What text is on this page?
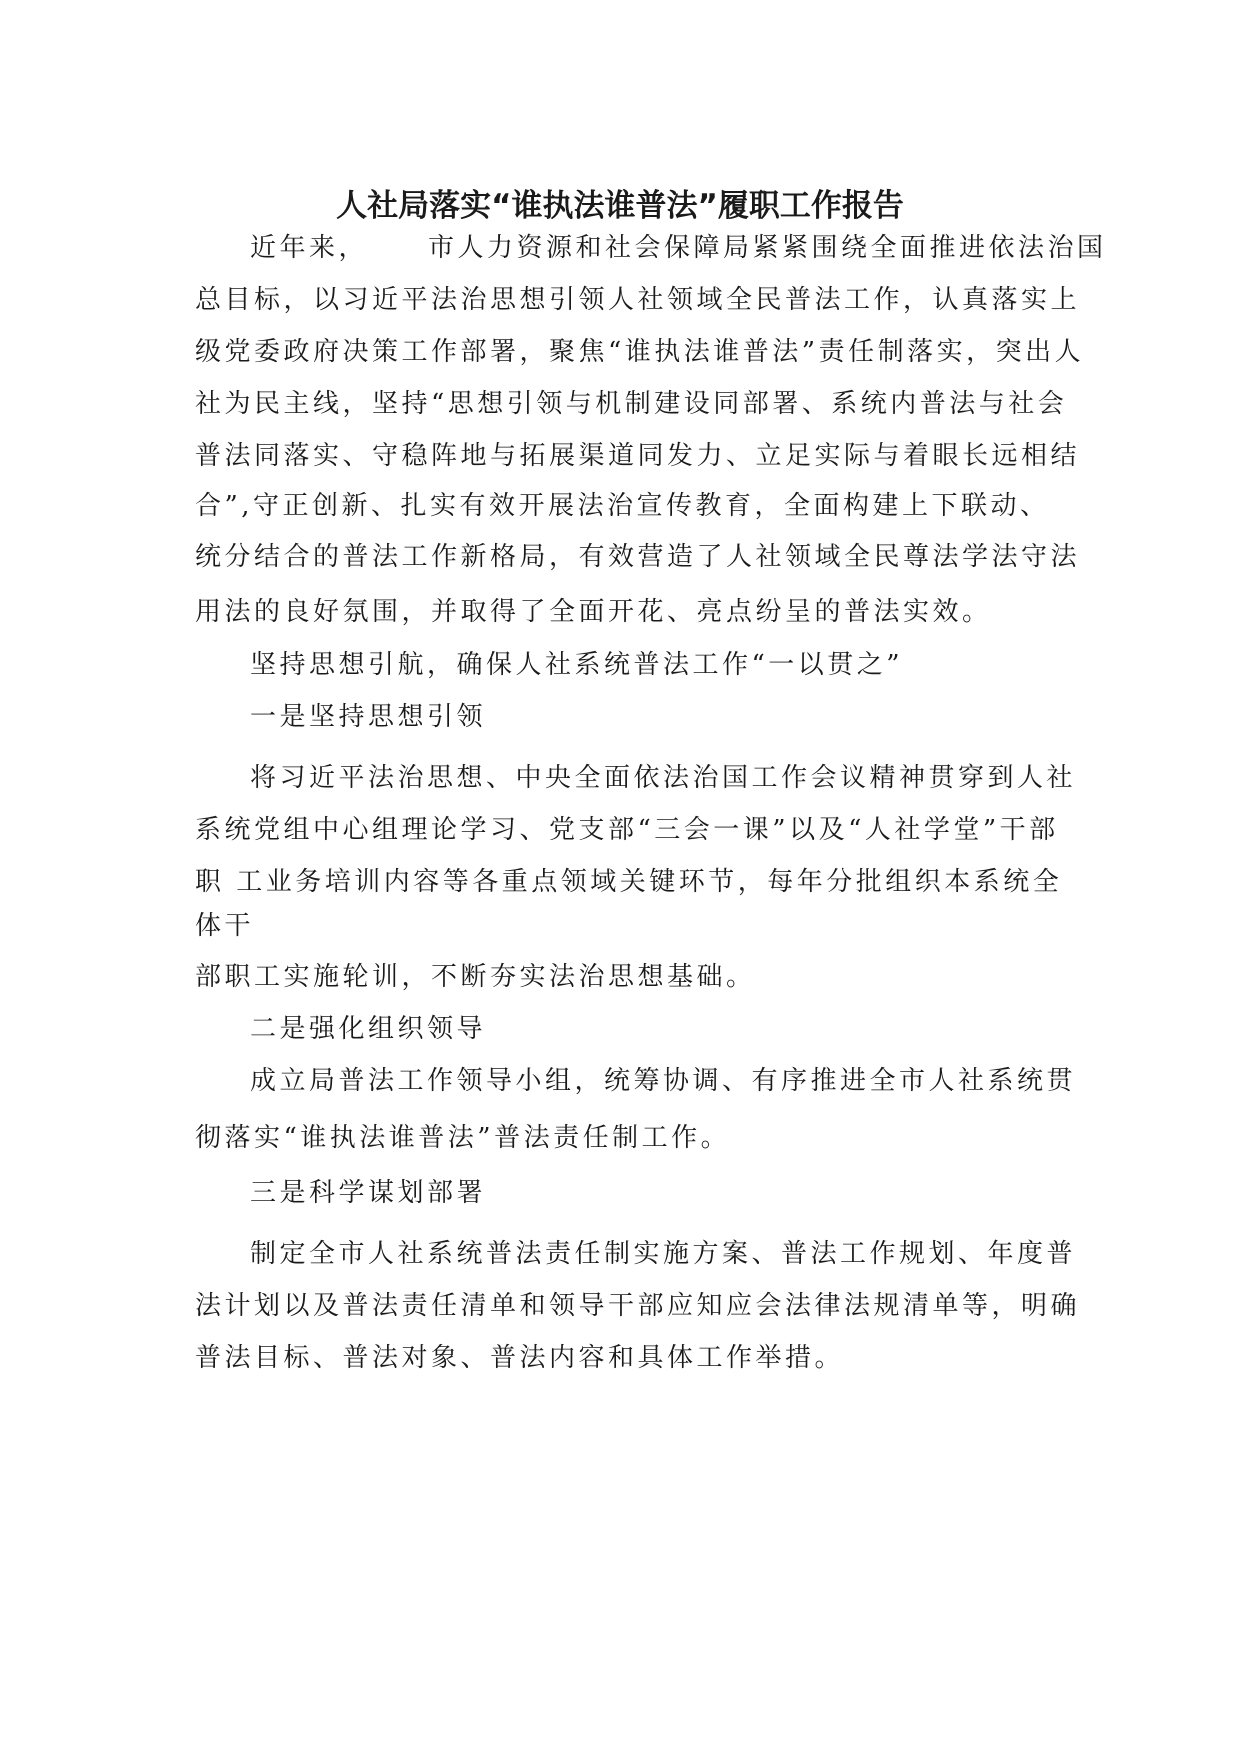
人社局落实“谁执法谁普法”履职工作报告
近年来， 市人力资源和社会保障局紧紧围绕全面推进依法治国
总目标，以习近平法治思想引领人社领域全民普法工作，认真落实上
级党委政府决策工作部署，聚焦“谁执法谁普法”责任制落实，突出人
社为民主线，坚持“思想引领与机制建设同部署、系统内普法与社会
普法同落实、守稳阵地与拓展渠道同发力、立足实际与着眼长远相结
合”,守正创新、扎实有效开展法治宣传教育，全面构建上下联动、
统分结合的普法工作新格局，有效营造了人社领域全民尊法学法守法
用法的良好氛围，并取得了全面开花、亮点纷呈的普法实效。
坚持思想引航，确保人社系统普法工作“一以贯之”
一是坚持思想引领
将习近平法治思想、中央全面依法治国工作会议精神贯穿到人社
系统党组中心组理论学习、党支部“三会一课”以及“人社学堂”干部
职 工业务培训内容等各重点领域关键环节，每年分批组织本系统全
体干
部职工实施轮训，不断夯实法治思想基础。
二是强化组织领导
成立局普法工作领导小组，统筹协调、有序推进全市人社系统贯
彻落实“谁执法谁普法”普法责任制工作。
三是科学谋划部署
制定全市人社系统普法责任制实施方案、普法工作规划、年度普
法计划以及普法责任清单和领导干部应知应会法律法规清单等，明确
普法目标、普法对象、普法内容和具体工作举措。
